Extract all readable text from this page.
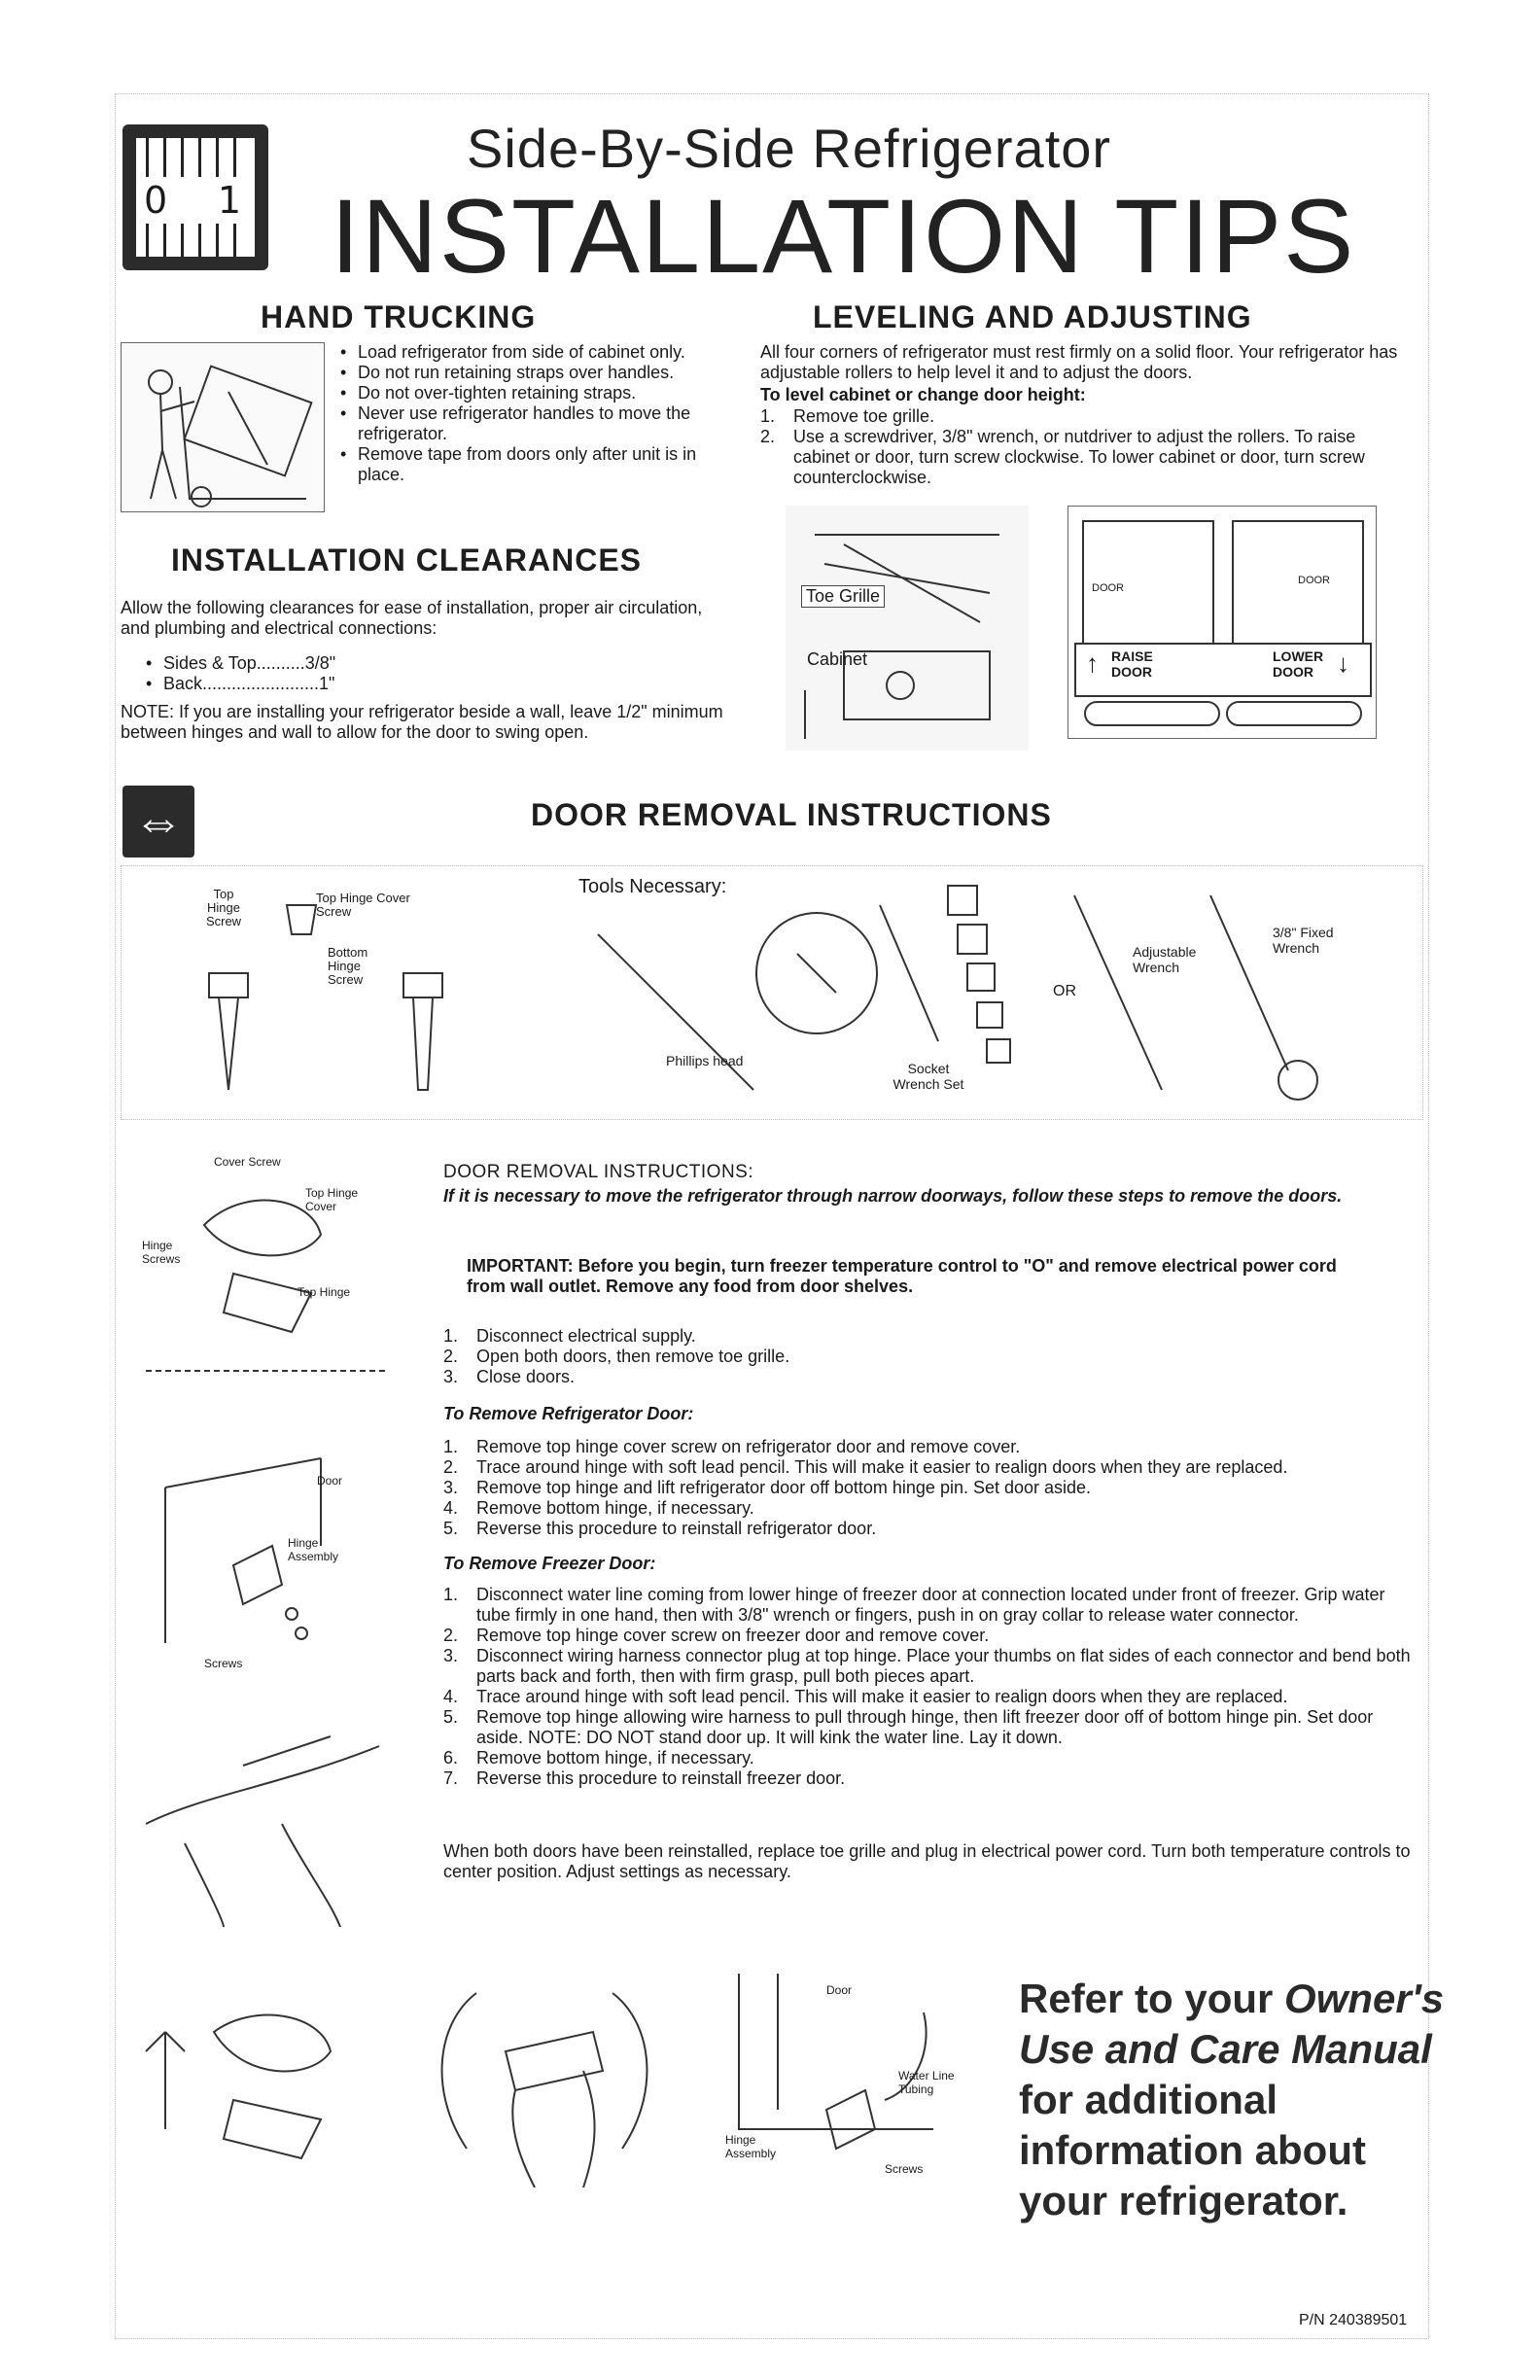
0 1
Side-By-Side Refrigerator
INSTALLATION TIPS
HAND TRUCKING
• Load refrigerator from side of cabinet only.
• Do not run retaining straps over handles.
• Do not over-tighten retaining straps.
• Never use refrigerator handles to move the refrigerator.
• Remove tape from doors only after unit is in place.
INSTALLATION CLEARANCES

Allow the following clearances for ease of installation, proper air circulation, and plumbing and electrical connections:

• Sides & Top..........3/8"
• Back........................1"

NOTE: If you are installing your refrigerator beside a wall, leave 1/2" minimum between hinges and wall to allow for the door to swing open.

LEVELING AND ADJUSTING

All four corners of refrigerator must rest firmly on a solid floor. Your refrigerator has adjustable rollers to help level it and to adjust the doors.

To level cabinet or change door height:

1.	Remove toe grille.
2.	Use a screwdriver, 3/8" wrench, or nutdriver to adjust the rollers. To raise cabinet or door, turn screw clockwise. To lower cabinet or door, turn screw counterclockwise.
Toe Grille
Cabinet
DOOR
DOOR
↑ RAISE DOOR
LOWER DOOR ↓
⇔	DOOR REMOVAL INSTRUCTIONS
Top Hinge Screw
Top Hinge Cover Screw
Bottom Hinge Screw
Tools Necessary:
Phillips head	Socket Wrench Set
OR
Adjustable Wrench
3/8" Fixed Wrench
Cover Screw
Top Hinge Cover
Hinge Screws
Top Hinge
Door
Hinge Assembly
Screws

DOOR REMOVAL INSTRUCTIONS:

If it is necessary to move the refrigerator through narrow doorways, follow these steps to remove the doors.

IMPORTANT: Before you begin, turn freezer temperature control to "O" and remove electrical power cord from wall outlet. Remove any food from door shelves.

1.	Disconnect electrical supply.
2.	Open both doors, then remove toe grille.
3.	Close doors.

To Remove Refrigerator Door:

1.	Remove top hinge cover screw on refrigerator door and remove cover.
2.	Trace around hinge with soft lead pencil. This will make it easier to realign doors when they are replaced.
3.	Remove top hinge and lift refrigerator door off bottom hinge pin. Set door aside.
4.	Remove bottom hinge, if necessary.
5.	Reverse this procedure to reinstall refrigerator door.

To Remove Freezer Door:

1.	Disconnect water line coming from lower hinge of freezer door at connection located under front of freezer. Grip water tube firmly in one hand, then with 3/8" wrench or fingers, push in on gray collar to release water connector.
2.	Remove top hinge cover screw on freezer door and remove cover.
3.	Disconnect wiring harness connector plug at top hinge. Place your thumbs on flat sides of each connector and bend both parts back and forth, then with firm grasp, pull both pieces apart.
4.	Trace around hinge with soft lead pencil. This will make it easier to realign doors when they are replaced.
5.	Remove top hinge allowing wire harness to pull through hinge, then lift freezer door off of bottom hinge pin. Set door aside. NOTE: DO NOT stand door up. It will kink the water line. Lay it down.
6.	Remove bottom hinge, if necessary.
7.	Reverse this procedure to reinstall freezer door.

When both doors have been reinstalled, replace toe grille and plug in electrical power cord. Turn both temperature controls to center position. Adjust settings as necessary.

Door
Water Line Tubing
Hinge Assembly
Screws
Refer to your Owner's
Use and Care Manual
for additional
information about
your refrigerator.
P/N 240389501
